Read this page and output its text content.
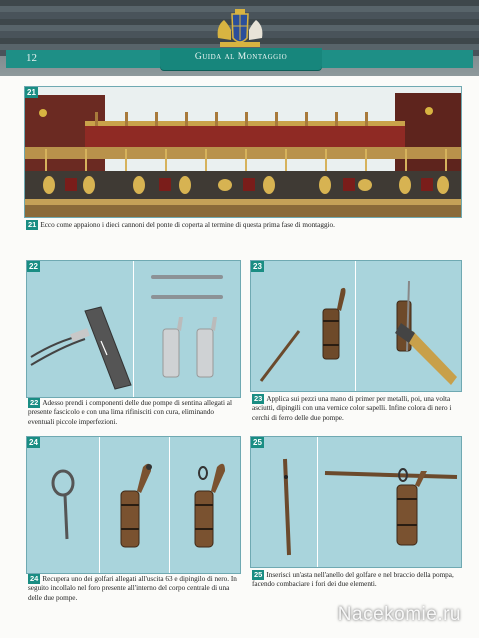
12	Guida al Montaggio
21
21 Ecco come appaiono i dieci cannoni del ponte di coperta al termine di questa prima fase di montaggio.
22
22 Adesso prendi i componenti delle due pompe di sentina allegati al presente fascicolo e con una lima rifinisciti con cura, eliminando eventuali piccole imperfezioni.
23
23 Applica sui pezzi una mano di primer per metalli, poi, una volta asciutti, dipingili con una vernice color sapelli. Infine colora di nero i cerchi di ferro delle due pompe.
24
24 Recupera uno dei golfari allegati all'uscita 63 e dipingilo di nero. In seguito incollalo nel foro presente all'interno del corpo centrale di una delle due pompe.
25
25 Inserisci un'asta nell'anello del golfare e nel braccio della pompa, facendo combaciare i fori dei due elementi.
Nacekomie.ru
